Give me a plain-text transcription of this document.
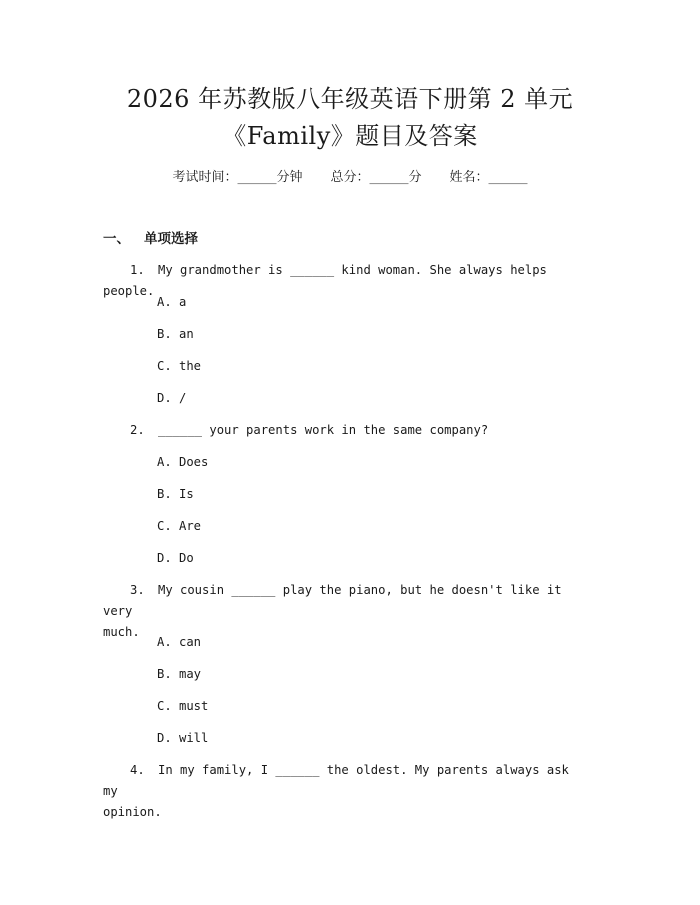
2026 年苏教版八年级英语下册第 2 单元
《Family》题目及答案
考试时间：______分钟 总分：______分 姓名：______
一、 单项选择
1. My grandmother is ______ kind woman. She always helps people.
A. a
B. an
C. the
D. /
2. ______ your parents work in the same company?
A. Does
B. Is
C. Are
D. Do
3. My cousin ______ play the piano, but he doesn't like it very
much.
A. can
B. may
C. must
D. will
4. In my family, I ______ the oldest. My parents always ask my
opinion.
